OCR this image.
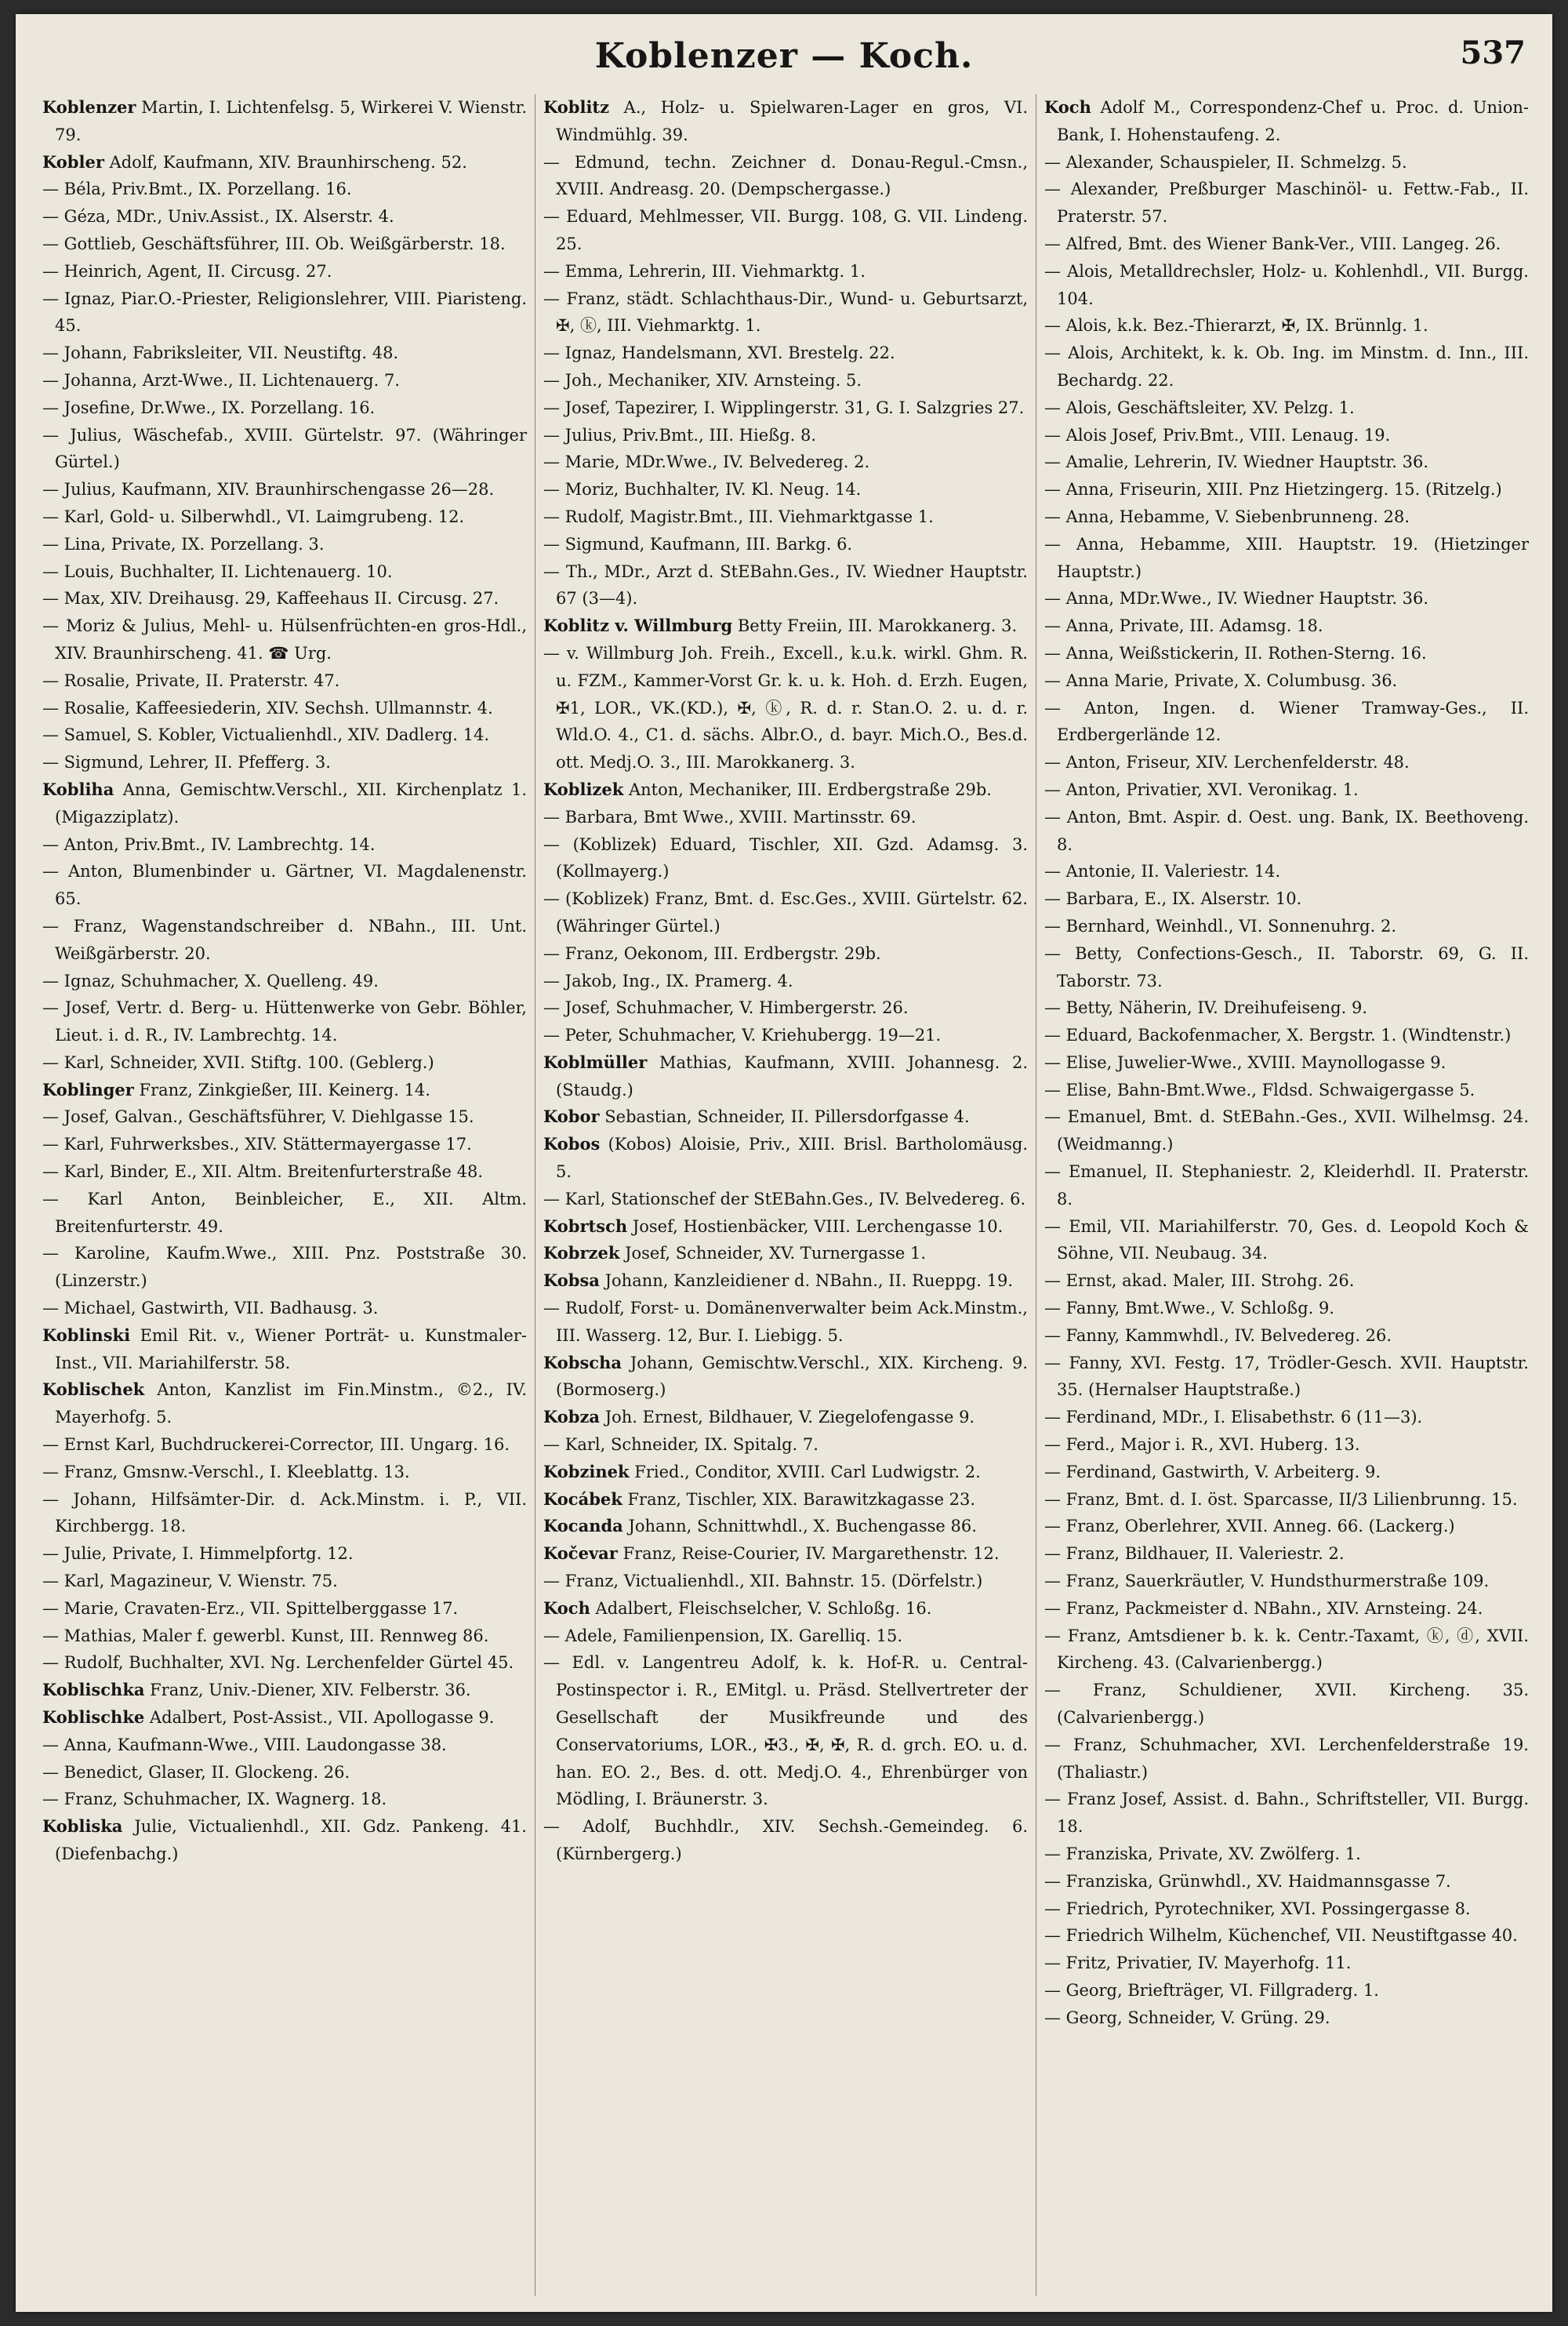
Koblenzer — Koch.	537
Koblenzer Martin, I. Lichtenfelsg. 5, Wirkerei V. Wienstr. 79.
Kobler Adolf, Kaufmann, XIV. Braunhirscheng. 52.
— Béla, Priv.Bmt., IX. Porzellang. 16.
— Géza, MDr., Univ.Assist., IX. Alserstr. 4.
— Gottlieb, Geschäftsführer, III. Ob. Weißgärberstr. 18.
— Heinrich, Agent, II. Circusg. 27.
— Ignaz, Piar.O.-Priester, Religionslehrer, VIII. Piaristeng. 45.
— Johann, Fabriksleiter, VII. Neustiftg. 48.
— Johanna, Arzt-Wwe., II. Lichtenauerg. 7.
— Josefine, Dr.Wwe., IX. Porzellang. 16.
— Julius, Wäschefab., XVIII. Gürtelstr. 97. (Währinger Gürtel.)
— Julius, Kaufmann, XIV. Braunhirschengasse 26—28.
— Karl, Gold- u. Silberwhdl., VI. Laimgrubeng. 12.
— Lina, Private, IX. Porzellang. 3.
— Louis, Buchhalter, II. Lichtenauerg. 10.
— Max, XIV. Dreihausg. 29, Kaffeehaus II. Circusg. 27.
— Moriz & Julius, Mehl- u. Hülsenfrüchten-en gros-Hdl., XIV. Braunhirscheng. 41. ☎ Urg.
— Rosalie, Private, II. Praterstr. 47.
— Rosalie, Kaffeesiederin, XIV. Sechsh. Ullmannstr. 4.
— Samuel, S. Kobler, Victualienhdl., XIV. Dadlerg. 14.
— Sigmund, Lehrer, II. Pfefferg. 3.
Kobliha Anna, Gemischtw.Verschl., XII. Kirchenplatz 1. (Migazziplatz).
— Anton, Priv.Bmt., IV. Lambrechtg. 14.
— Anton, Blumenbinder u. Gärtner, VI. Magdalenenstr. 65.
— Franz, Wagenstandschreiber d. NBahn., III. Unt. Weißgärberstr. 20.
— Ignaz, Schuhmacher, X. Quelleng. 49.
— Josef, Vertr. d. Berg- u. Hüttenwerke von Gebr. Böhler, Lieut. i. d. R., IV. Lambrechtg. 14.
— Karl, Schneider, XVII. Stiftg. 100. (Geblerg.)
Koblinger Franz, Zinkgießer, III. Keinerg. 14.
— Josef, Galvan., Geschäftsführer, V. Diehlgasse 15.
— Karl, Fuhrwerksbes., XIV. Stättermayergasse 17.
— Karl, Binder, E., XII. Altm. Breitenfurterstraße 48.
— Karl Anton, Beinbleicher, E., XII. Altm. Breitenfurterstr. 49.
— Karoline, Kaufm.Wwe., XIII. Pnz. Poststraße 30. (Linzerstr.)
— Michael, Gastwirth, VII. Badhausg. 3.
Koblinski Emil Rit. v., Wiener Porträt- u. Kunstmaler-Inst., VII. Mariahilferstr. 58.
Koblischek Anton, Kanzlist im Fin.Minstm., ©2., IV. Mayerhofg. 5.
— Ernst Karl, Buchdruckerei-Corrector, III. Ungarg. 16.
— Franz, Gmsnw.-Verschl., I. Kleeblattg. 13.
— Johann, Hilfsämter-Dir. d. Ack.Minstm. i. P., VII. Kirchbergg. 18.
— Julie, Private, I. Himmelpfortg. 12.
— Karl, Magazineur, V. Wienstr. 75.
— Marie, Cravaten-Erz., VII. Spittelberggasse 17.
— Mathias, Maler f. gewerbl. Kunst, III. Rennweg 86.
— Rudolf, Buchhalter, XVI. Ng. Lerchenfelder Gürtel 45.
Koblischka Franz, Univ.-Diener, XIV. Felberstr. 36.
Koblischke Adalbert, Post-Assist., VII. Apollogasse 9.
— Anna, Kaufmann-Wwe., VIII. Laudongasse 38.
— Benedict, Glaser, II. Glockeng. 26.
— Franz, Schuhmacher, IX. Wagnerg. 18.
Kobliska Julie, Victualienhdl., XII. Gdz. Pankeng. 41. (Diefenbachg.)
Koblitz A., Holz- u. Spielwaren-Lager en gros, VI. Windmühlg. 39.
— Edmund, techn. Zeichner d. Donau-Regul.-Cmsn., XVIII. Andreasg. 20. (Dempschergasse.)
— Eduard, Mehlmesser, VII. Burgg. 108, G. VII. Lindeng. 25.
— Emma, Lehrerin, III. Viehmarktg. 1.
— Franz, städt. Schlachthaus-Dir., Wund- u. Geburtsarzt, ✠, ⓚ, III. Viehmarktg. 1.
— Ignaz, Handelsmann, XVI. Brestelg. 22.
— Joh., Mechaniker, XIV. Arnsteing. 5.
— Josef, Tapezirer, I. Wipplingerstr. 31, G. I. Salzgries 27.
— Julius, Priv.Bmt., III. Hießg. 8.
— Marie, MDr.Wwe., IV. Belvedereg. 2.
— Moriz, Buchhalter, IV. Kl. Neug. 14.
— Rudolf, Magistr.Bmt., III. Viehmarktgasse 1.
— Sigmund, Kaufmann, III. Barkg. 6.
— Th., MDr., Arzt d. StEBahn.Ges., IV. Wiedner Hauptstr. 67 (3—4).
Koblitz v. Willmburg Betty Freiin, III. Marokkanerg. 3.
— v. Willmburg Joh. Freih., Excell., k.u.k. wirkl. Ghm. R. u. FZM., Kammer-Vorst Gr. k. u. k. Hoh. d. Erzh. Eugen, ✠1, LOR., VK.(KD.), ✠, ⓚ, R. d. r. Stan.O. 2. u. d. r. Wld.O. 4., C1. d. sächs. Albr.O., d. bayr. Mich.O., Bes.d. ott. Medj.O. 3., III. Marokkanerg. 3.
Koblizek Anton, Mechaniker, III. Erdbergstraße 29b.
— Barbara, Bmt Wwe., XVIII. Martinsstr. 69.
— (Koblizek) Eduard, Tischler, XII. Gzd. Adamsg. 3. (Kollmayerg.)
— (Koblizek) Franz, Bmt. d. Esc.Ges., XVIII. Gürtelstr. 62. (Währinger Gürtel.)
— Franz, Oekonom, III. Erdbergstr. 29b.
— Jakob, Ing., IX. Pramerg. 4.
— Josef, Schuhmacher, V. Himbergerstr. 26.
— Peter, Schuhmacher, V. Kriehubergg. 19—21.
Koblmüller Mathias, Kaufmann, XVIII. Johannesg. 2. (Staudg.)
Kobor Sebastian, Schneider, II. Pillersdorfgasse 4.
Kobos (Kobos) Aloisie, Priv., XIII. Brisl. Bartholomäusg. 5.
— Karl, Stationschef der StEBahn.Ges., IV. Belvedereg. 6.
Kobrtsch Josef, Hostienbäcker, VIII. Lerchengasse 10.
Kobrzek Josef, Schneider, XV. Turnergasse 1.
Kobsa Johann, Kanzleidiener d. NBahn., II. Rueppg. 19.
— Rudolf, Forst- u. Domänenverwalter beim Ack.Minstm., III. Wasserg. 12, Bur. I. Liebigg. 5.
Kobscha Johann, Gemischtw.Verschl., XIX. Kircheng. 9. (Bormoserg.)
Kobza Joh. Ernest, Bildhauer, V. Ziegelofengasse 9.
— Karl, Schneider, IX. Spitalg. 7.
Kobzinek Fried., Conditor, XVIII. Carl Ludwigstr. 2.
Kocábek Franz, Tischler, XIX. Barawitzkagasse 23.
Kocanda Johann, Schnittwhdl., X. Buchengasse 86.
Kočevar Franz, Reise-Courier, IV. Margarethenstr. 12.
— Franz, Victualienhdl., XII. Bahnstr. 15. (Dörfelstr.)
Koch Adalbert, Fleischselcher, V. Schloßg. 16.
— Adele, Familienpension, IX. Garelliq. 15.
— Edl. v. Langentreu Adolf, k. k. Hof-R. u. Central-Postinspector i. R., EMitgl. u. Präsd. Stellvertreter der Gesellschaft der Musikfreunde und des Conservatoriums, LOR., ✠3., ✠, ✠, R. d. grch. EO. u. d. han. EO. 2., Bes. d. ott. Medj.O. 4., Ehrenbürger von Mödling, I. Bräunerstr. 3.
— Adolf, Buchhdlr., XIV. Sechsh.-Gemeindeg. 6. (Kürnbergerg.)
Koch Adolf M., Correspondenz-Chef u. Proc. d. Union-Bank, I. Hohenstaufeng. 2.
— Alexander, Schauspieler, II. Schmelzg. 5.
— Alexander, Preßburger Maschinöl- u. Fettw.-Fab., II. Praterstr. 57.
— Alfred, Bmt. des Wiener Bank-Ver., VIII. Langeg. 26.
— Alois, Metalldrechsler, Holz- u. Kohlenhdl., VII. Burgg. 104.
— Alois, k.k. Bez.-Thierarzt, ✠, IX. Brünnlg. 1.
— Alois, Architekt, k. k. Ob. Ing. im Minstm. d. Inn., III. Bechardg. 22.
— Alois, Geschäftsleiter, XV. Pelzg. 1.
— Alois Josef, Priv.Bmt., VIII. Lenaug. 19.
— Amalie, Lehrerin, IV. Wiedner Hauptstr. 36.
— Anna, Friseurin, XIII. Pnz Hietzingerg. 15. (Ritzelg.)
— Anna, Hebamme, V. Siebenbrunneng. 28.
— Anna, Hebamme, XIII. Hauptstr. 19. (Hietzinger Hauptstr.)
— Anna, MDr.Wwe., IV. Wiedner Hauptstr. 36.
— Anna, Private, III. Adamsg. 18.
— Anna, Weißstickerin, II. Rothen-Sterng. 16.
— Anna Marie, Private, X. Columbusg. 36.
— Anton, Ingen. d. Wiener Tramway-Ges., II. Erdbergerlände 12.
— Anton, Friseur, XIV. Lerchenfelderstr. 48.
— Anton, Privatier, XVI. Veronikag. 1.
— Anton, Bmt. Aspir. d. Oest. ung. Bank, IX. Beethoveng. 8.
— Antonie, II. Valeriestr. 14.
— Barbara, E., IX. Alserstr. 10.
— Bernhard, Weinhdl., VI. Sonnenuhrg. 2.
— Betty, Confections-Gesch., II. Taborstr. 69, G. II. Taborstr. 73.
— Betty, Näherin, IV. Dreihufeiseng. 9.
— Eduard, Backofenmacher, X. Bergstr. 1. (Windtenstr.)
— Elise, Juwelier-Wwe., XVIII. Maynollogasse 9.
— Elise, Bahn-Bmt.Wwe., Fldsd. Schwaigergasse 5.
— Emanuel, Bmt. d. StEBahn.-Ges., XVII. Wilhelmsg. 24. (Weidmanng.)
— Emanuel, II. Stephaniestr. 2, Kleiderhdl. II. Praterstr. 8.
— Emil, VII. Mariahilferstr. 70, Ges. d. Leopold Koch & Söhne, VII. Neubaug. 34.
— Ernst, akad. Maler, III. Strohg. 26.
— Fanny, Bmt.Wwe., V. Schloßg. 9.
— Fanny, Kammwhdl., IV. Belvedereg. 26.
— Fanny, XVI. Festg. 17, Trödler-Gesch. XVII. Hauptstr. 35. (Hernalser Hauptstraße.)
— Ferdinand, MDr., I. Elisabethstr. 6 (11—3).
— Ferd., Major i. R., XVI. Huberg. 13.
— Ferdinand, Gastwirth, V. Arbeiterg. 9.
— Franz, Bmt. d. I. öst. Sparcasse, II/3 Lilienbrunng. 15.
— Franz, Oberlehrer, XVII. Anneg. 66. (Lackerg.)
— Franz, Bildhauer, II. Valeriestr. 2.
— Franz, Sauerkräutler, V. Hundsthurmerstraße 109.
— Franz, Packmeister d. NBahn., XIV. Arnsteing. 24.
— Franz, Amtsdiener b. k. k. Centr.-Taxamt, ⓚ, ⓓ, XVII. Kircheng. 43. (Calvarienbergg.)
— Franz, Schuldiener, XVII. Kircheng. 35. (Calvarienbergg.)
— Franz, Schuhmacher, XVI. Lerchenfelderstraße 19. (Thaliastr.)
— Franz Josef, Assist. d. Bahn., Schriftsteller, VII. Burgg. 18.
— Franziska, Private, XV. Zwölferg. 1.
— Franziska, Grünwhdl., XV. Haidmannsgasse 7.
— Friedrich, Pyrotechniker, XVI. Possingergasse 8.
— Friedrich Wilhelm, Küchenchef, VII. Neustiftgasse 40.
— Fritz, Privatier, IV. Mayerhofg. 11.
— Georg, Briefträger, VI. Fillgraderg. 1.
— Georg, Schneider, V. Grüng. 29.
